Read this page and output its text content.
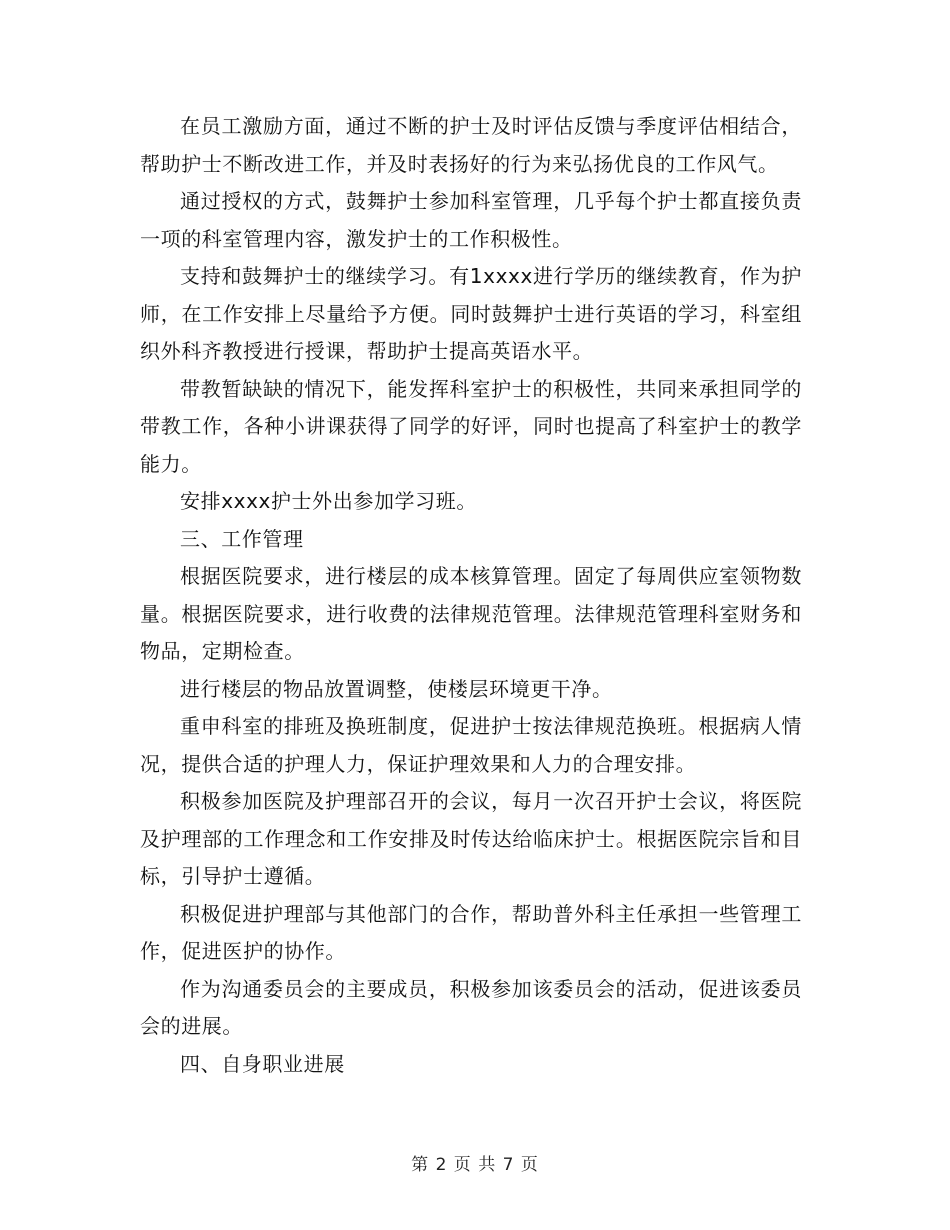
在员工激励方面，通过不断的护士及时评估反馈与季度评估相结合，帮助护士不断改进工作，并及时表扬好的行为来弘扬优良的工作风气。

通过授权的方式，鼓舞护士参加科室管理，几乎每个护士都直接负责一项的科室管理内容，激发护士的工作积极性。

支持和鼓舞护士的继续学习。有1xxxx进行学历的继续教育，作为护师，在工作安排上尽量给予方便。同时鼓舞护士进行英语的学习，科室组织外科齐教授进行授课，帮助护士提高英语水平。

带教暂缺缺的情况下，能发挥科室护士的积极性，共同来承担同学的带教工作，各种小讲课获得了同学的好评，同时也提高了科室护士的教学能力。

安排xxxx护士外出参加学习班。

三、工作管理

根据医院要求，进行楼层的成本核算管理。固定了每周供应室领物数量。根据医院要求，进行收费的法律规范管理。法律规范管理科室财务和物品，定期检查。

进行楼层的物品放置调整，使楼层环境更干净。

重申科室的排班及换班制度，促进护士按法律规范换班。根据病人情况，提供合适的护理人力，保证护理效果和人力的合理安排。

积极参加医院及护理部召开的会议，每月一次召开护士会议，将医院及护理部的工作理念和工作安排及时传达给临床护士。根据医院宗旨和目标，引导护士遵循。

积极促进护理部与其他部门的合作，帮助普外科主任承担一些管理工作，促进医护的协作。

作为沟通委员会的主要成员，积极参加该委员会的活动，促进该委员会的进展。

四、自身职业进展

第 2 页 共 7 页
